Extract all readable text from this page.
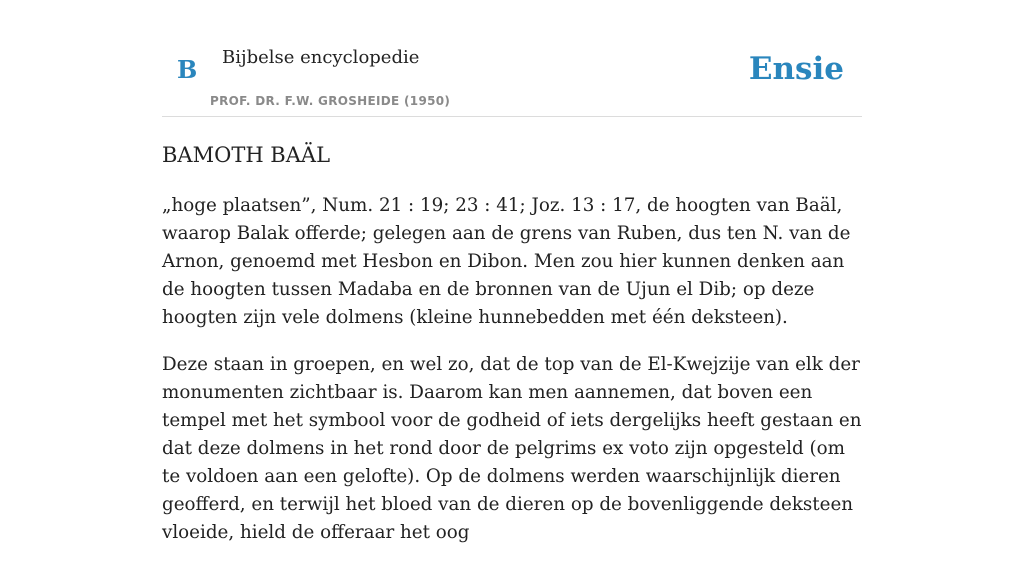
B Bijbelse encyclopedie
PROF. DR. F.W. GROSHEIDE (1950)
Ensie
BAMOTH BAÄL

„hoge plaatsen”, Num. 21 : 19; 23 : 41; Joz. 13 : 17, de hoogten van Baäl, waarop Balak offerde; gelegen aan de grens van Ruben, dus ten N. van de Arnon, genoemd met Hesbon en Dibon. Men zou hier kunnen denken aan de hoogten tussen Madaba en de bronnen van de Ujun el Dib; op deze hoogten zijn vele dolmens (kleine hunnebedden met één deksteen).

Deze staan in groepen, en wel zo, dat de top van de El-Kwejzije van elk der monumenten zichtbaar is. Daarom kan men aannemen, dat boven een tempel met het symbool voor de godheid of iets dergelijks heeft gestaan en dat deze dolmens in het rond door de pelgrims ex voto zijn opgesteld (om te voldoen aan een gelofte). Op de dolmens werden waarschijnlijk dieren geofferd, en terwijl het bloed van de dieren op de bovenliggende deksteen vloeide, hield de offeraar het oog
